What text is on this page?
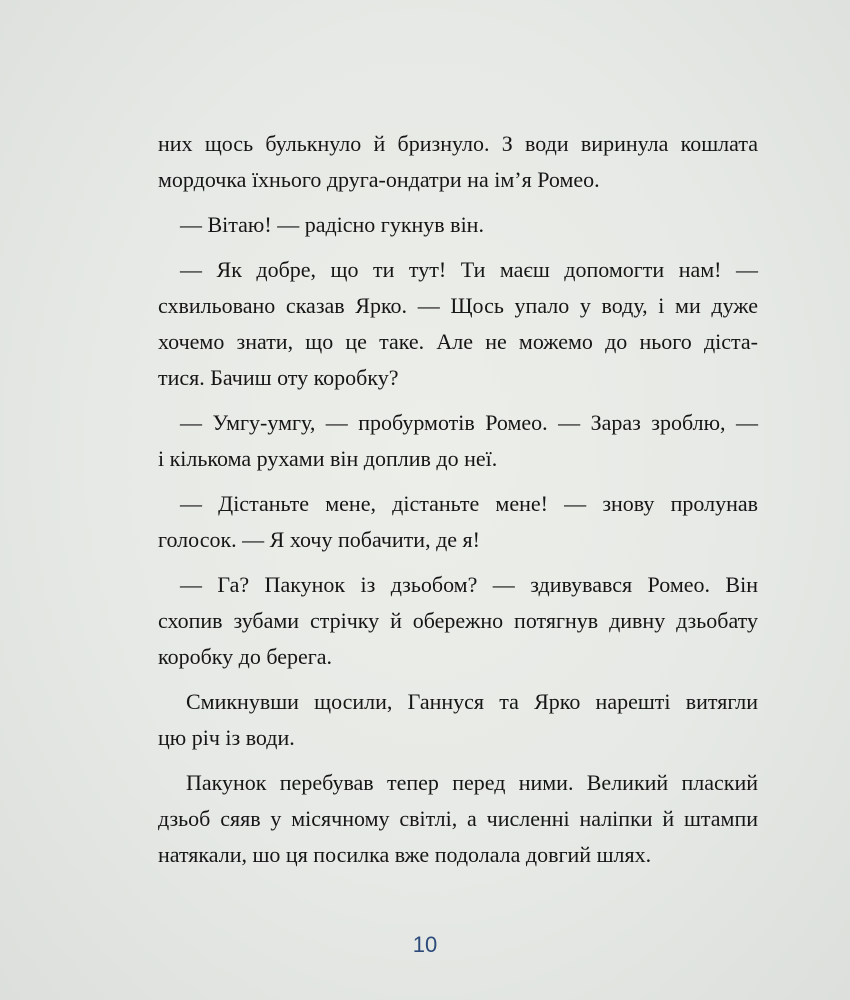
них щось булькнуло й бризнуло. З води виринула кошлата
мордочка їхнього друга-ондатри на ім’я Ромео.
— Вітаю! — радісно гукнув він.
— Як добре, що ти тут! Ти маєш допомогти нам! —
схвильовано сказав Ярко. — Щось упало у воду, і ми дуже
хочемо знати, що це таке. Але не можемо до нього діста-
тися. Бачиш оту коробку?
— Умгу-умгу, — пробурмотів Ромео. — Зараз зроблю, —
і кількома рухами він доплив до неї.
— Дістаньте мене, дістаньте мене! — знову пролунав
голосок. — Я хочу побачити, де я!
— Га? Пакунок із дзьобом? — здивувався Ромео. Він
схопив зубами стрічку й обережно потягнув дивну дзьобату
коробку до берега.
Смикнувши щосили, Ганнуся та Ярко нарешті витягли
цю річ із води.
Пакунок перебував тепер перед ними. Великий плаский
дзьоб сяяв у місячному світлі, а численні наліпки й штампи
натякали, шо ця посилка вже подолала довгий шлях.
10
